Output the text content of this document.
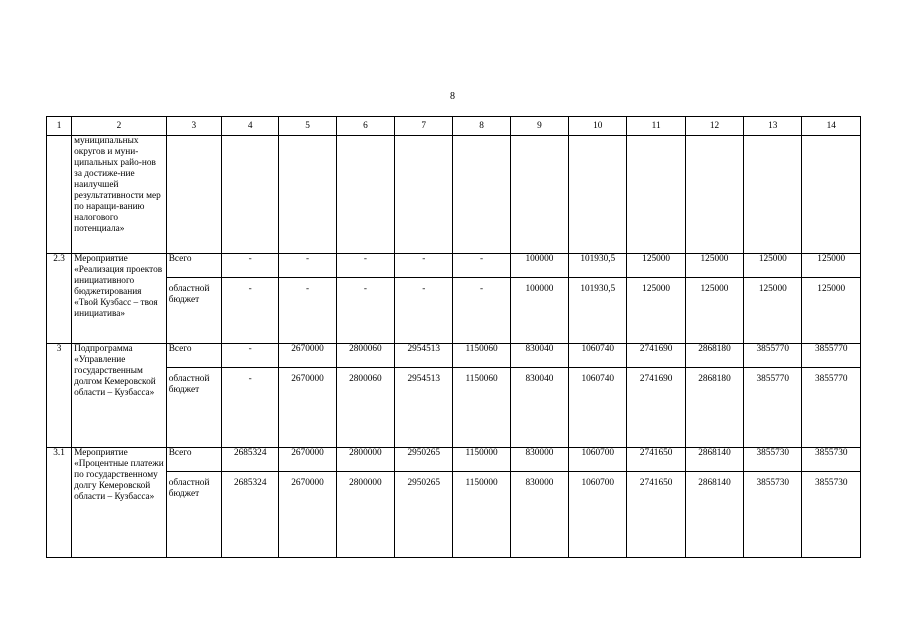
8
1	2	3	4	5	6	7	8	9	10	11	12	13	14
	муниципальных округов и муни-ципальных райо-нов за достиже-ние наилучшей результативности мер по наращи-ванию налогового потенциала»												
2.3	Мероприятие «Реализация проектов инициативного бюджетирования «Твой Кузбасс – твоя инициатива»	Всего	-	-	-	-	-	100000	101930,5	125000	125000	125000	125000
		областной бюджет	-	-	-	-	-	100000	101930,5	125000	125000	125000	125000
3	Подпрограмма «Управление государственным долгом Кемеровской области – Кузбасса»	Всего	-	2670000	2800060	2954513	1150060	830040	1060740	2741690	2868180	3855770	3855770
		областной бюджет	-	2670000	2800060	2954513	1150060	830040	1060740	2741690	2868180	3855770	3855770
3.1	Мероприятие «Процентные платежи по государственному долгу Кемеровской области – Кузбасса»	Всего	2685324	2670000	2800000	2950265	1150000	830000	1060700	2741650	2868140	3855730	3855730
		областной бюджет	2685324	2670000	2800000	2950265	1150000	830000	1060700	2741650	2868140	3855730	3855730
